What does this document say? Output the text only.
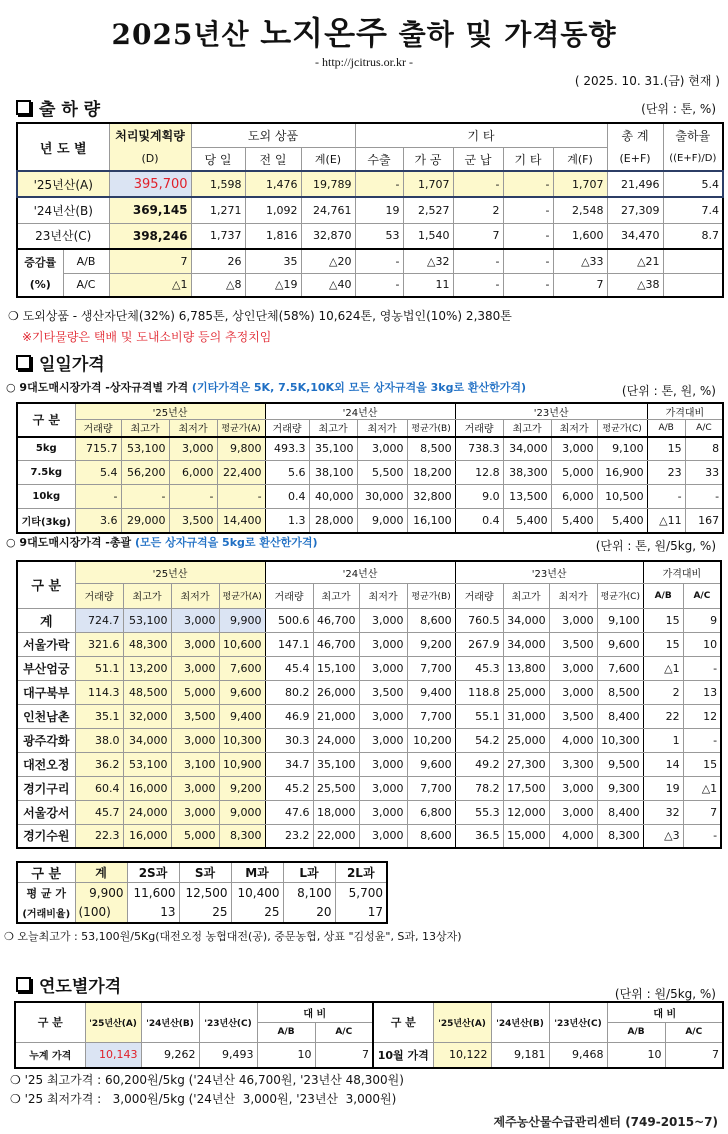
2025년산 노지온주 출하 및 가격동향
- http://jcitrus.or.kr -
( 2025. 10. 31.(금) 현재 )
출 하 량	(단위 : 톤, %)
년 도 별		처리및계획량	도외 상품			기 타					총 계	출하율
		(D)	당 일	전 일	계(E)	수출	가 공	군 납	기 타	계(F)	(E+F)	((E+F)/D)
'25년산(A)		395,700	1,598	1,476	19,789	-	1,707	-	-	1,707	21,496	5.4
'24년산(B)		369,145	1,271	1,092	24,761	19	2,527	2	-	2,548	27,309	7.4
23년산(C)		398,246	1,737	1,816	32,870	53	1,540	7	-	1,600	34,470	8.7
증감률	A/B	7	26	35	△20	-	△32	-	-	△33	△21	
(%)	A/C	△1	△8	△19	△40	-	11	-	-	7	△38	
❍ 도외상품 - 생산자단체(32%) 6,785톤, 상인단체(58%) 10,624톤, 영농법인(10%) 2,380톤
※기타물량은 택배 및 도내소비량 등의 추정치임
일일가격
○ 9대도매시장가격 -상자규격별 가격 (기타가격은 5K, 7.5K,10K외 모든 상자규격을 3kg로 환산한가격)	(단위 : 톤, 원, %)
구 분	'25년산				'24년산				'23년산				가격대비	
	거래량	최고가	최저가	평균가(A)	거래량	최고가	최저가	평균가(B)	거래량	최고가	최저가	평균가(C)	A/B	A/C
5kg	715.7	53,100	3,000	9,800	493.3	35,100	3,000	8,500	738.3	34,000	3,000	9,100	15	8
7.5kg	5.4	56,200	6,000	22,400	5.6	38,100	5,500	18,200	12.8	38,300	5,000	16,900	23	33
10kg	-	-	-	-	0.4	40,000	30,000	32,800	9.0	13,500	6,000	10,500	-	-
기타(3kg)	3.6	29,000	3,500	14,400	1.3	28,000	9,000	16,100	0.4	5,400	5,400	5,400	△11	167
○ 9대도매시장가격 -총괄 (모든 상자규격을 5kg로 환산한가격)	(단위 : 톤, 원/5kg, %)
구 분	'25년산				'24년산				'23년산				가격대비	
	거래량	최고가	최저가	평균가(A)	거래량	최고가	최저가	평균가(B)	거래량	최고가	최저가	평균가(C)	A/B	A/C
계	724.7	53,100	3,000	9,900	500.6	46,700	3,000	8,600	760.5	34,000	3,000	9,100	15	9
서울가락	321.6	48,300	3,000	10,600	147.1	46,700	3,000	9,200	267.9	34,000	3,500	9,600	15	10
부산엄궁	51.1	13,200	3,000	7,600	45.4	15,100	3,000	7,700	45.3	13,800	3,000	7,600	△1	-
대구북부	114.3	48,500	5,000	9,600	80.2	26,000	3,500	9,400	118.8	25,000	3,000	8,500	2	13
인천남촌	35.1	32,000	3,500	9,400	46.9	21,000	3,000	7,700	55.1	31,000	3,500	8,400	22	12
광주각화	38.0	34,000	3,000	10,300	30.3	24,000	3,000	10,200	54.2	25,000	4,000	10,300	1	-
대전오정	36.2	53,100	3,100	10,900	34.7	35,100	3,000	9,600	49.2	27,300	3,300	9,500	14	15
경기구리	60.4	16,000	3,000	9,200	45.2	25,500	3,000	7,700	78.2	17,500	3,000	9,300	19	△1
서울강서	45.7	24,000	3,000	9,000	47.6	18,000	3,000	6,800	55.3	12,000	3,000	8,400	32	7
경기수원	22.3	16,000	5,000	8,300	23.2	22,000	3,000	8,600	36.5	15,000	4,000	8,300	△3	-
구 분	계	2S과	S과	M과	L과	2L과
평 균 가	9,900	11,600	12,500	10,400	8,100	5,700
(거래비율)	(100)	13	25	25	20	17
❍ 오늘최고가 : 53,100원/5Kg(대전오정 농협대전(공), 중문농협, 상표 "김성윤", S과, 13상자)
연도별가격	(단위 : 원/5kg, %)
구 분	'25년산(A)	'24년산(B)	'23년산(C)	대 비	
				A/B	A/C
누계 가격	10,143	9,262	9,493	10	7
구 분	'25년산(A)	'24년산(B)	'23년산(C)	대 비	
				A/B	A/C
10월 가격	10,122	9,181	9,468	10	7
❍ '25 최고가격 : 60,200원/5kg ('24년산 46,700원, '23년산 48,300원)
❍ '25 최저가격 :   3,000원/5kg ('24년산  3,000원, '23년산  3,000원)
제주농산물수급관리센터 (749-2015~7)
